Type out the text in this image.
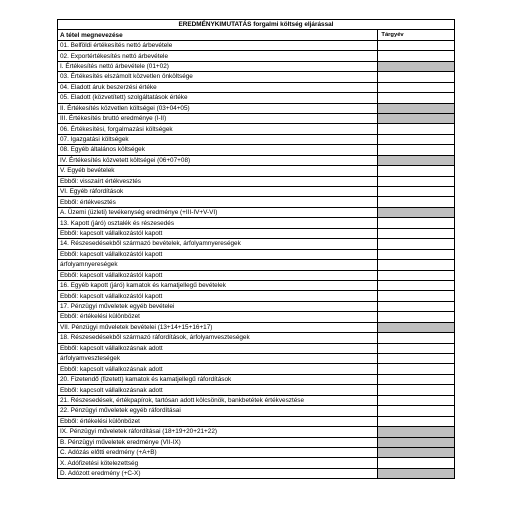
EREDMÉNYKIMUTATÁS forgalmi költség eljárással	
A tétel megnevezése	Tárgyév
01. Belföldi értékesítés nettó árbevétele	
02. Exportértékesítés nettó árbevétele	
I. Értékesítés nettó árbevétele (01+02)	
03. Értékesítés elszámolt közvetlen önköltsége	
04. Eladott áruk beszerzési értéke	
05. Eladott (közvetített) szolgáltatások értéke	
II. Értékesítés közvetlen költségei (03+04+05)	
III. Értékesítés bruttó eredménye (I-II)	
06. Értékesítési, forgalmazási költségek	
07. Igazgatási költségek	
08. Egyéb általános költségek	
IV. Értékesítés közvetett költségei (06+07+08)	
V. Egyéb bevételek	
Ebből: visszaírt értékvesztés	
VI. Egyéb ráfordítások	
Ebből: értékvesztés	
A. Üzemi (üzleti) tevékenység eredménye (+III-IV+V-VI)	
13. Kapott (járó) osztalék és részesedés	
Ebből: kapcsolt vállalkozástól kapott	
14. Részesedésekből származó bevételek, árfolyamnyereségek	
Ebből: kapcsolt vállalkozástól kapott	
árfolyamnyereségek	
Ebből: kapcsolt vállalkozástól kapott	
16. Egyéb kapott (járó) kamatok és kamatjellegű bevételek	
Ebből: kapcsolt vállalkozástól kapott	
17. Pénzügyi műveletek egyéb bevételei	
Ebből: értékelési különbözet	
VII. Pénzügyi műveletek bevételei (13+14+15+16+17)	
18. Részesedésekből származó ráfordítások, árfolyamveszteségek	
Ebből: kapcsolt vállalkozásnak adott	
árfolyamveszteségek	
Ebből: kapcsolt vállalkozásnak adott	
20. Fizetendő (fizetett) kamatok és kamatjellegű ráfordítások	
Ebből: kapcsolt vállalkozásnak adott	
21. Részesedések, értékpapírok, tartósan adott kölcsönök, bankbetétek értékvesztése	
22. Pénzügyi műveletek egyéb ráfordításai	
Ebből: értékelési különbözet	
IX. Pénzügyi műveletek ráfordításai (18+19+20+21+22)	
B. Pénzügyi műveletek eredménye (VII-IX)	
C. Adózás előtti eredmény (+A+B)	
X. Adófizetési kötelezettség	
D. Adózott eredmény (+C-X)	
